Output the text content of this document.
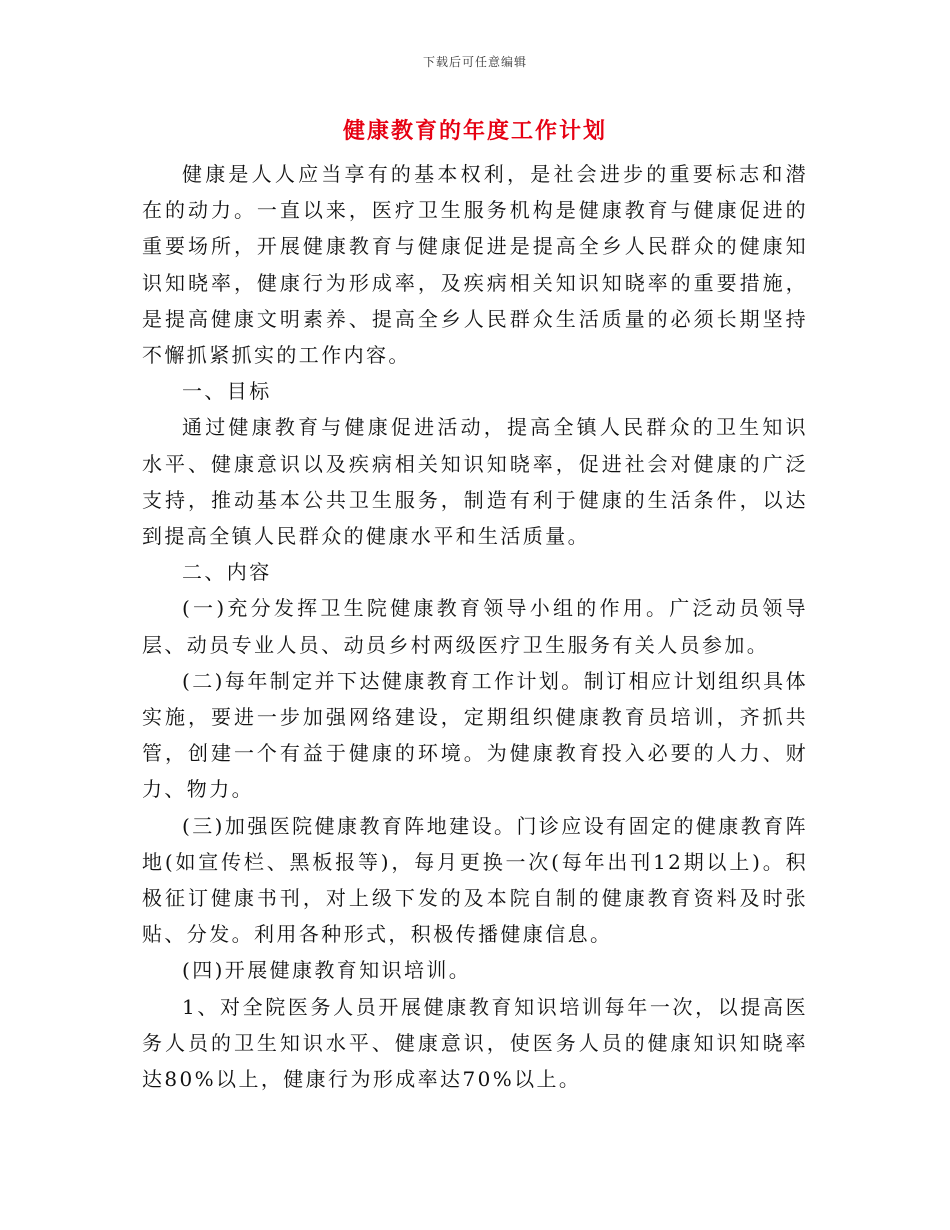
下载后可任意编辑
健康教育的年度工作计划

健康是人人应当享有的基本权利，是社会进步的重要标志和潜在的动力。一直以来，医疗卫生服务机构是健康教育与健康促进的重要场所，开展健康教育与健康促进是提高全乡人民群众的健康知识知晓率，健康行为形成率，及疾病相关知识知晓率的重要措施，是提高健康文明素养、提高全乡人民群众生活质量的必须长期坚持不懈抓紧抓实的工作内容。

一、目标

通过健康教育与健康促进活动，提高全镇人民群众的卫生知识水平、健康意识以及疾病相关知识知晓率，促进社会对健康的广泛支持，推动基本公共卫生服务，制造有利于健康的生活条件，以达到提高全镇人民群众的健康水平和生活质量。

二、内容

(一)充分发挥卫生院健康教育领导小组的作用。广泛动员领导层、动员专业人员、动员乡村两级医疗卫生服务有关人员参加。

(二)每年制定并下达健康教育工作计划。制订相应计划组织具体实施，要进一步加强网络建设，定期组织健康教育员培训，齐抓共管，创建一个有益于健康的环境。为健康教育投入必要的人力、财力、物力。

(三)加强医院健康教育阵地建设。门诊应设有固定的健康教育阵地(如宣传栏、黑板报等)，每月更换一次(每年出刊12期以上)。积极征订健康书刊，对上级下发的及本院自制的健康教育资料及时张贴、分发。利用各种形式，积极传播健康信息。

(四)开展健康教育知识培训。

1、对全院医务人员开展健康教育知识培训每年一次，以提高医务人员的卫生知识水平、健康意识，使医务人员的健康知识知晓率达80%以上，健康行为形成率达70%以上。
